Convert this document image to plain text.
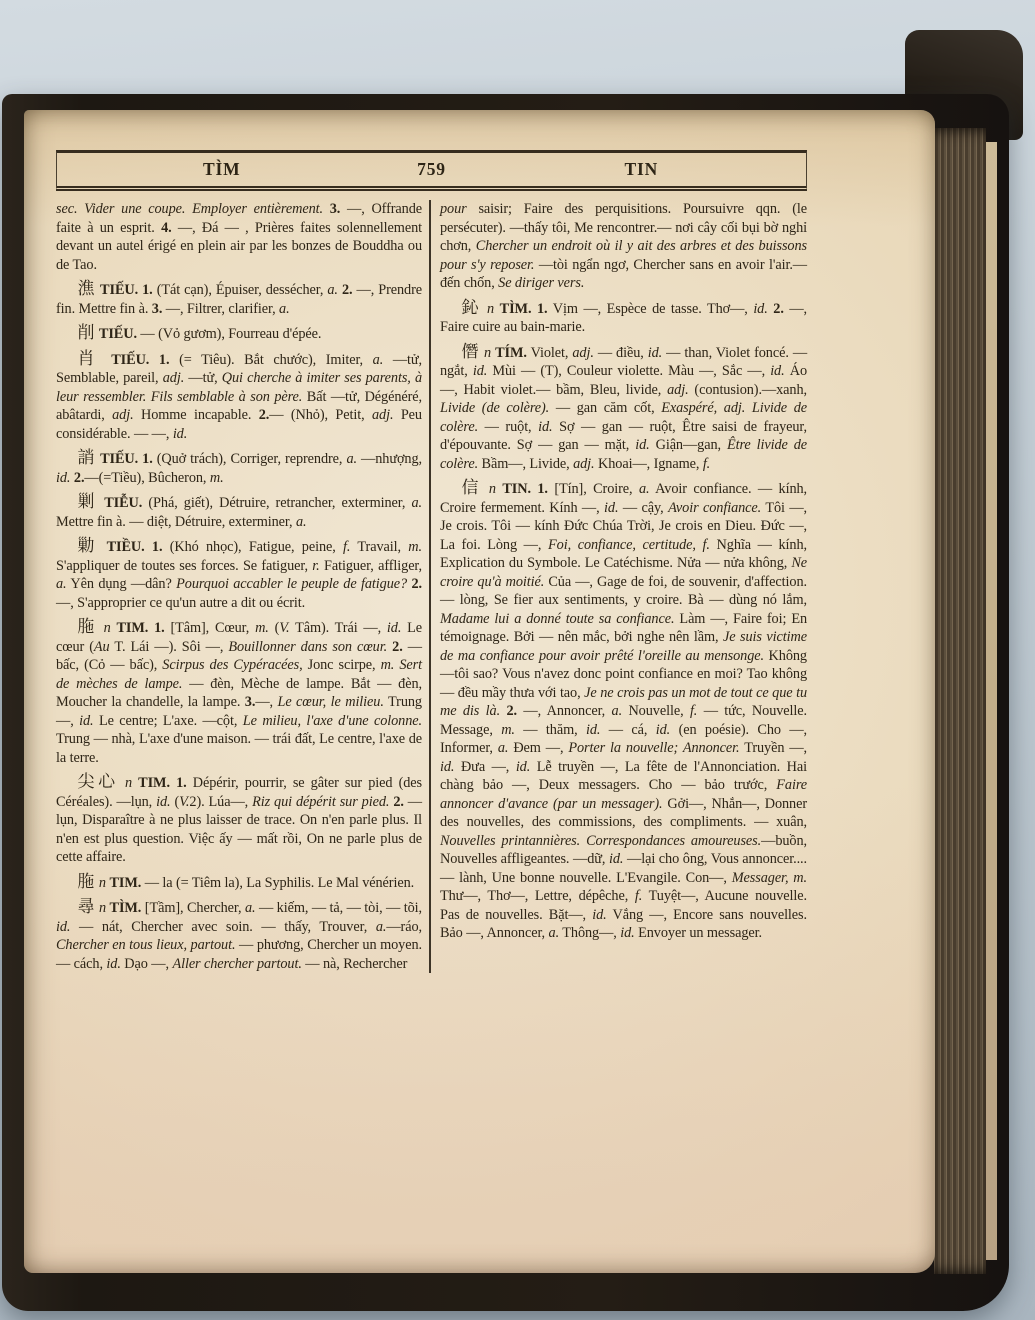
TÌM	759	TIN

sec. Vider une coupe. Employer entièrement. 3. —, Offrande faite à un esprit. 4. —, Đá — , Prières faites solennellement devant un autel érigé en plein air par les bonzes de Bouddha ou de Tao.

潐 TIẾU. 1. (Tát cạn), Épuiser, dessécher, a. 2. —, Prendre fin. Mettre fin à. 3. —, Filtrer, clarifier, a.

削 TIẾU. — (Vỏ gươm), Fourreau d'épée.

肖 TIẾU. 1. (= Tiêu). Bắt chước), Imiter, a. —tử, Semblable, pareil, adj. —tử, Qui cherche à imiter ses parents, à leur ressembler. Fils semblable à son père. Bất —tử, Dégénéré, abâtardi, adj. Homme incapable. 2.— (Nhỏ), Petit, adj. Peu considérable. — —, id.

誚 TIẾU. 1. (Quở trách), Corriger, reprendre, a. —nhượng, id. 2.—(=Tiều), Bûcheron, m.

剿 TIỄU. (Phá, giết), Détruire, retrancher, exterminer, a. Mettre fin à. — diệt, Détruire, exterminer, a.

勦 TIỀU. 1. (Khó nhọc), Fatigue, peine, f. Travail, m. S'appliquer de toutes ses forces. Se fatiguer, r. Fatiguer, affliger, a. Yên dụng —dân? Pourquoi accabler le peuple de fatigue? 2. —, S'approprier ce qu'un autre a dit ou écrit.

胣 n TIM. 1. [Tâm], Cœur, m. (V. Tâm). Trái —, id. Le cœur (Au T. Lái —). Sôi —, Bouillonner dans son cœur. 2. — bấc, (Cỏ — bấc), Scirpus des Cypéracées, Jonc scirpe, m. Sert de mèches de lampe. — đèn, Mèche de lampe. Bắt — đèn, Moucher la chandelle, la lampe. 3.—, Le cœur, le milieu. Trung —, id. Le centre; L'axe. —cột, Le milieu, l'axe d'une colonne. Trung — nhà, L'axe d'une maison. — trái đất, Le centre, l'axe de la terre.

尖心 n TIM. 1. Dépérir, pourrir, se gâter sur pied (des Céréales). —lụn, id. (V.2). Lúa—, Riz qui dépérit sur pied. 2. — lụn, Disparaître à ne plus laisser de trace. On n'en parle plus. Il n'en est plus question. Việc ấy — mất rồi, On ne parle plus de cette affaire.

胣 n TIM. — la (= Tiêm la), La Syphilis. Le Mal vénérien.

尋 n TÌM. [Tầm], Chercher, a. — kiếm, — tả, — tòi, — tõi, id. — nát, Chercher avec soin. — thấy, Trouver, a.—ráo, Chercher en tous lieux, partout. — phương, Chercher un moyen. — cách, id. Dạo —, Aller chercher partout. — nà, Rechercher

pour saisir; Faire des perquisitions. Poursuivre qqn. (le persécuter). —thấy tôi, Me rencontrer.— nơi cây cối bụi bờ nghỉ chơn, Chercher un endroit où il y ait des arbres et des buissons pour s'y reposer. —tòi ngẩn ngơ, Chercher sans en avoir l'air.—đến chốn, Se diriger vers.

鈊 n TÌM. 1. Vịm —, Espèce de tasse. Thơ—, id. 2. —, Faire cuire au bain-marie.

僭 n TÍM. Violet, adj. — điều, id. — than, Violet foncé. — ngắt, id. Mùi — (T), Couleur violette. Màu —, Sắc —, id. Áo —, Habit violet.— bầm, Bleu, livide, adj. (contusion).—xanh, Livide (de colère). — gan căm cốt, Exaspéré, adj. Livide de colère. — ruột, id. Sợ — gan — ruột, Être saisi de frayeur, d'épouvante. Sợ — gan — mặt, id. Giận—gan, Être livide de colère. Bầm—, Livide, adj. Khoai—, Igname, f.

信 n TIN. 1. [Tín], Croire, a. Avoir confiance. — kính, Croire fermement. Kính —, id. — cậy, Avoir confiance. Tôi —, Je crois. Tôi — kính Đức Chúa Trời, Je crois en Dieu. Đức —, La foi. Lòng —, Foi, confiance, certitude, f. Nghĩa — kính, Explication du Symbole. Le Catéchisme. Nửa — nửa không, Ne croire qu'à moitié. Của —, Gage de foi, de souvenir, d'affection. — lòng, Se fier aux sentiments, y croire. Bà — dùng nó lắm, Madame lui a donné toute sa confiance. Làm —, Faire foi; En témoignage. Bởi — nên mắc, bởi nghe nên lầm, Je suis victime de ma confiance pour avoir prêté l'oreille au mensonge. Không—tôi sao? Vous n'avez donc point confiance en moi? Tao không — đều mầy thưa với tao, Je ne crois pas un mot de tout ce que tu me dis là. 2. —, Annoncer, a. Nouvelle, f. — tức, Nouvelle. Message, m. — thăm, id. — cá, id. (en poésie). Cho —, Informer, a. Đem —, Porter la nouvelle; Annoncer. Truyền —, id. Đưa —, id. Lễ truyền —, La fête de l'Annonciation. Hai chàng bảo —, Deux messagers. Cho — bảo trước, Faire annoncer d'avance (par un messager). Gởi—, Nhắn—, Donner des nouvelles, des commissions, des compliments. — xuân, Nouvelles printannières. Correspondances amoureuses.—buồn, Nouvelles affligeantes. —dữ, id. —lại cho ông, Vous annoncer.... — lành, Une bonne nouvelle. L'Evangile. Con—, Messager, m. Thư—, Thơ—, Lettre, dépêche, f. Tuyệt—, Aucune nouvelle. Pas de nouvelles. Bặt—, id. Vắng —, Encore sans nouvelles. Bảo —, Annoncer, a. Thông—, id. Envoyer un messager.
